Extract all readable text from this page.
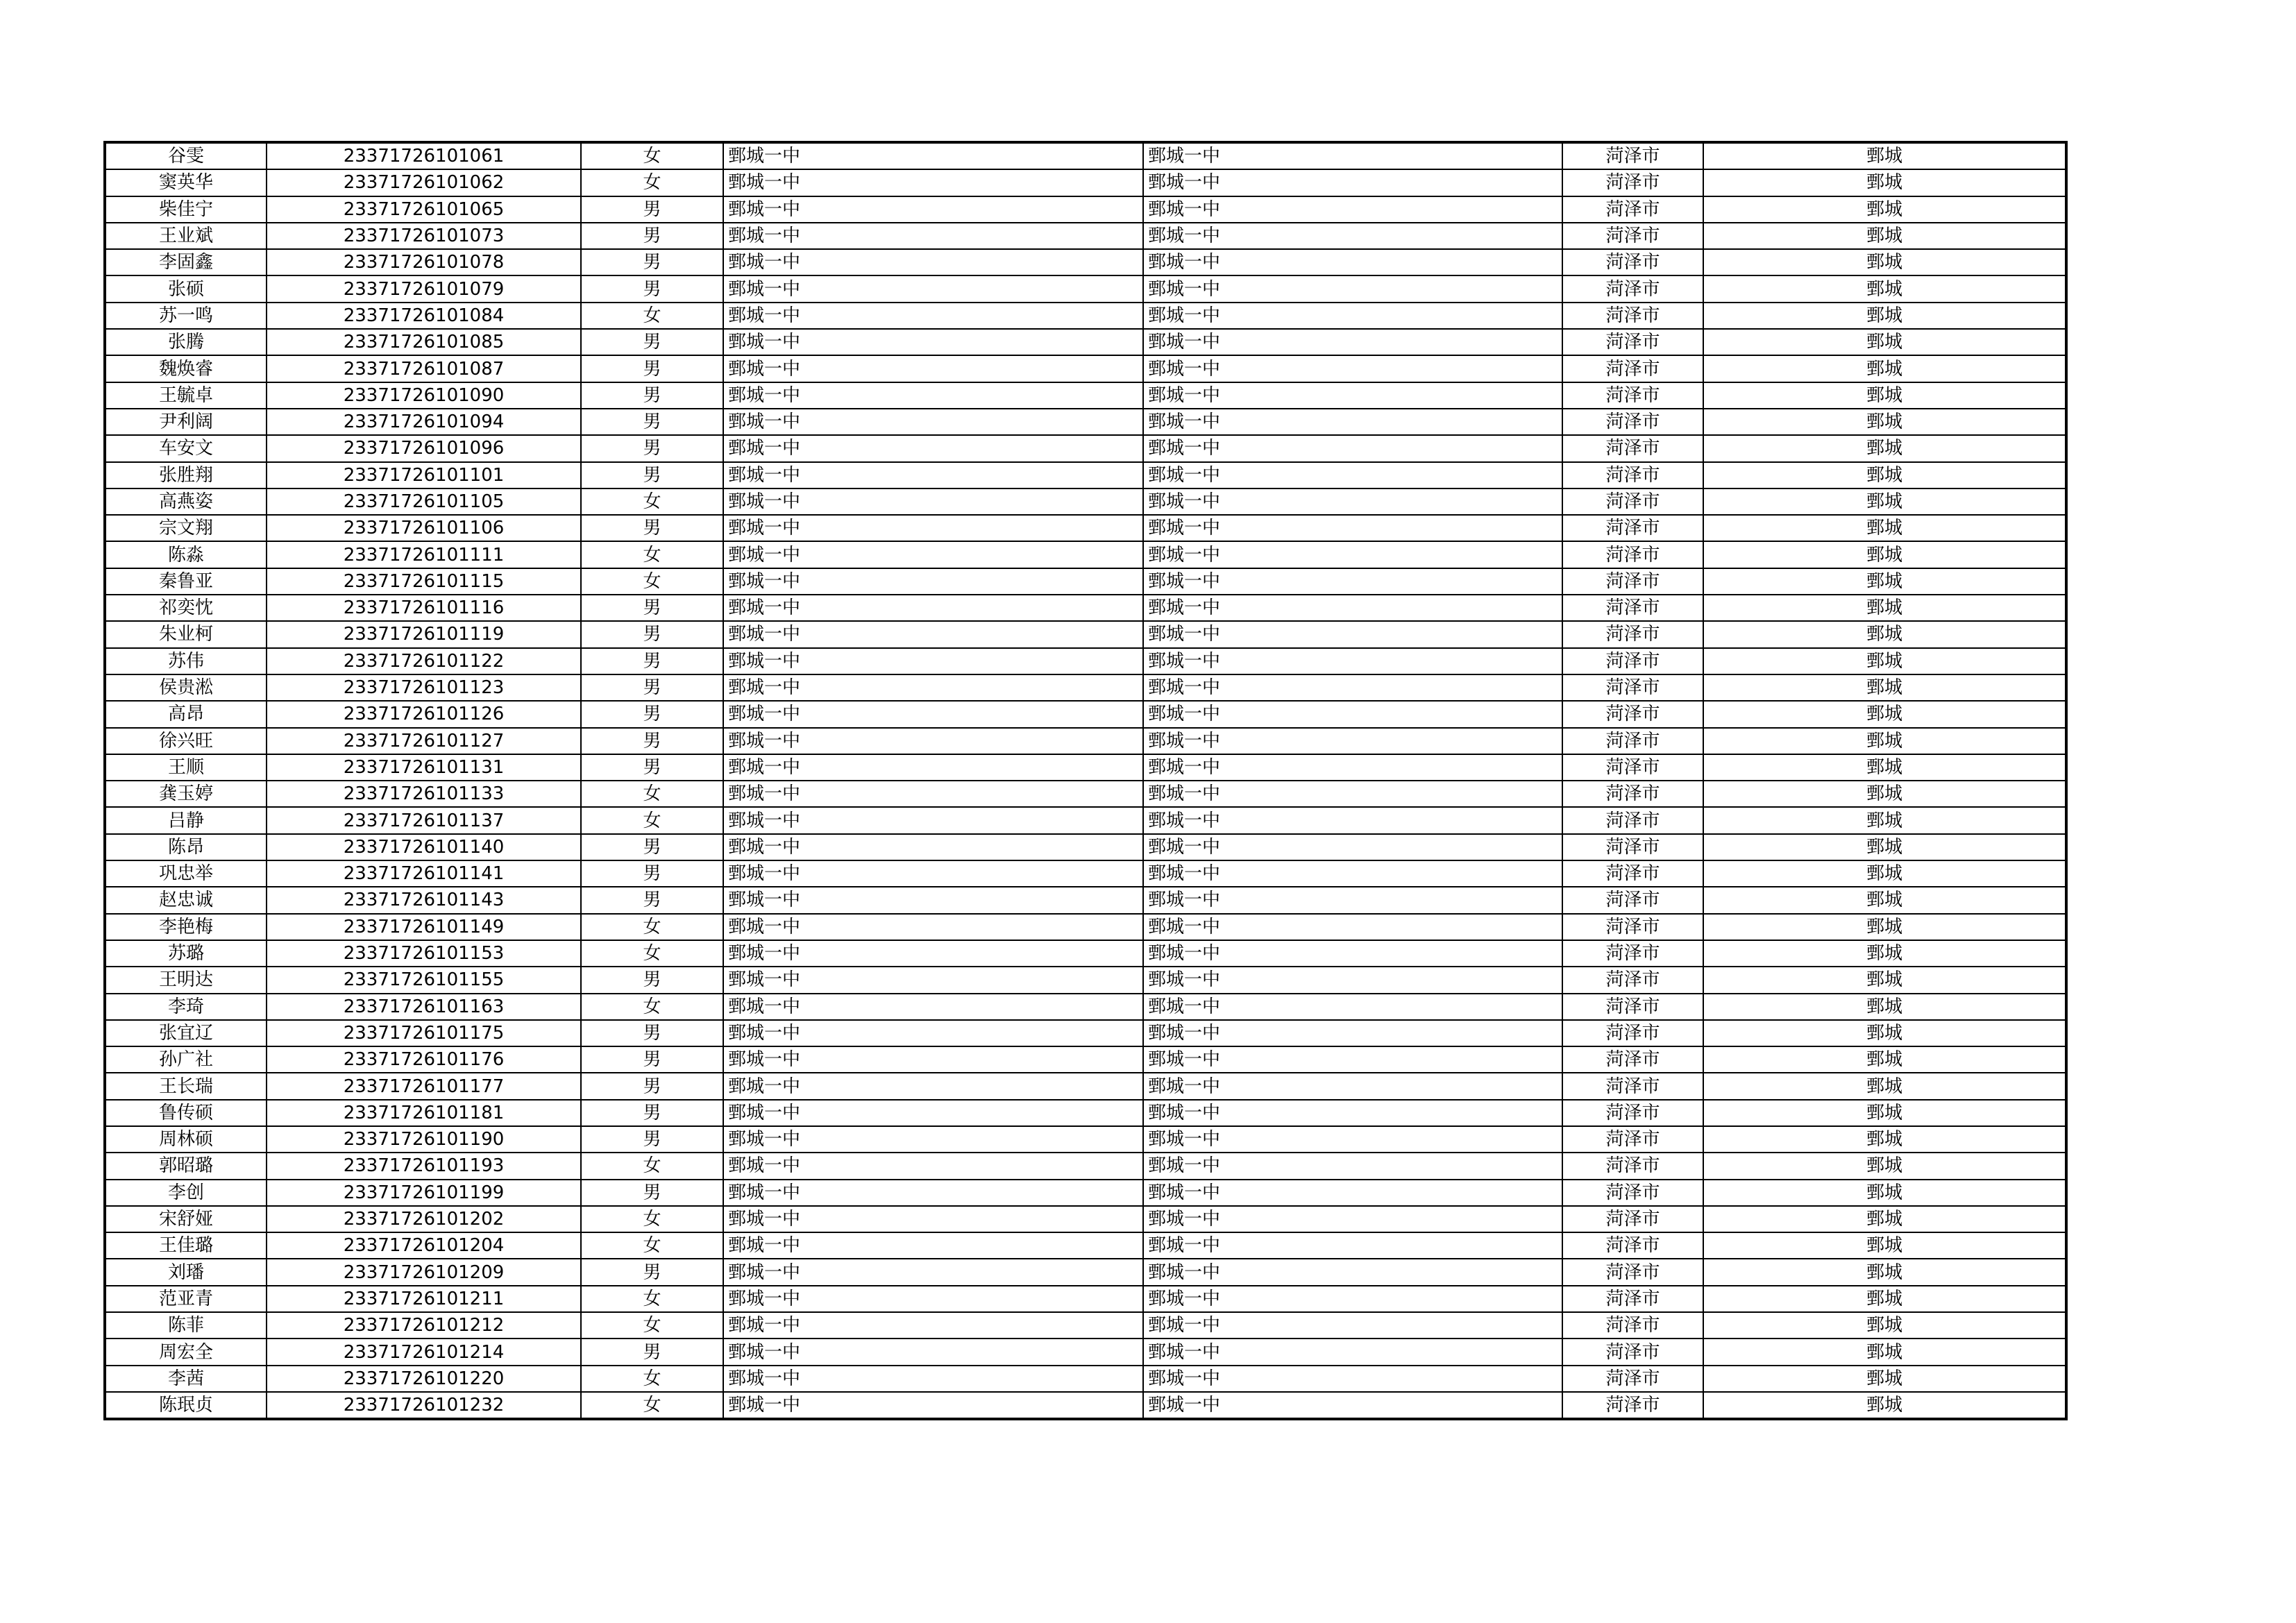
谷雯	23371726101061	女	鄄城一中	鄄城一中	菏泽市	鄄城
窦英华	23371726101062	女	鄄城一中	鄄城一中	菏泽市	鄄城
柴佳宁	23371726101065	男	鄄城一中	鄄城一中	菏泽市	鄄城
王业斌	23371726101073	男	鄄城一中	鄄城一中	菏泽市	鄄城
李固鑫	23371726101078	男	鄄城一中	鄄城一中	菏泽市	鄄城
张硕	23371726101079	男	鄄城一中	鄄城一中	菏泽市	鄄城
苏一鸣	23371726101084	女	鄄城一中	鄄城一中	菏泽市	鄄城
张腾	23371726101085	男	鄄城一中	鄄城一中	菏泽市	鄄城
魏焕睿	23371726101087	男	鄄城一中	鄄城一中	菏泽市	鄄城
王毓卓	23371726101090	男	鄄城一中	鄄城一中	菏泽市	鄄城
尹利阔	23371726101094	男	鄄城一中	鄄城一中	菏泽市	鄄城
车安文	23371726101096	男	鄄城一中	鄄城一中	菏泽市	鄄城
张胜翔	23371726101101	男	鄄城一中	鄄城一中	菏泽市	鄄城
高燕姿	23371726101105	女	鄄城一中	鄄城一中	菏泽市	鄄城
宗文翔	23371726101106	男	鄄城一中	鄄城一中	菏泽市	鄄城
陈淼	23371726101111	女	鄄城一中	鄄城一中	菏泽市	鄄城
秦鲁亚	23371726101115	女	鄄城一中	鄄城一中	菏泽市	鄄城
祁奕忱	23371726101116	男	鄄城一中	鄄城一中	菏泽市	鄄城
朱业柯	23371726101119	男	鄄城一中	鄄城一中	菏泽市	鄄城
苏伟	23371726101122	男	鄄城一中	鄄城一中	菏泽市	鄄城
侯贵淞	23371726101123	男	鄄城一中	鄄城一中	菏泽市	鄄城
高昂	23371726101126	男	鄄城一中	鄄城一中	菏泽市	鄄城
徐兴旺	23371726101127	男	鄄城一中	鄄城一中	菏泽市	鄄城
王顺	23371726101131	男	鄄城一中	鄄城一中	菏泽市	鄄城
龚玉婷	23371726101133	女	鄄城一中	鄄城一中	菏泽市	鄄城
吕静	23371726101137	女	鄄城一中	鄄城一中	菏泽市	鄄城
陈昂	23371726101140	男	鄄城一中	鄄城一中	菏泽市	鄄城
巩忠举	23371726101141	男	鄄城一中	鄄城一中	菏泽市	鄄城
赵忠诚	23371726101143	男	鄄城一中	鄄城一中	菏泽市	鄄城
李艳梅	23371726101149	女	鄄城一中	鄄城一中	菏泽市	鄄城
苏璐	23371726101153	女	鄄城一中	鄄城一中	菏泽市	鄄城
王明达	23371726101155	男	鄄城一中	鄄城一中	菏泽市	鄄城
李琦	23371726101163	女	鄄城一中	鄄城一中	菏泽市	鄄城
张宜辽	23371726101175	男	鄄城一中	鄄城一中	菏泽市	鄄城
孙广社	23371726101176	男	鄄城一中	鄄城一中	菏泽市	鄄城
王长瑞	23371726101177	男	鄄城一中	鄄城一中	菏泽市	鄄城
鲁传硕	23371726101181	男	鄄城一中	鄄城一中	菏泽市	鄄城
周林硕	23371726101190	男	鄄城一中	鄄城一中	菏泽市	鄄城
郭昭璐	23371726101193	女	鄄城一中	鄄城一中	菏泽市	鄄城
李创	23371726101199	男	鄄城一中	鄄城一中	菏泽市	鄄城
宋舒娅	23371726101202	女	鄄城一中	鄄城一中	菏泽市	鄄城
王佳璐	23371726101204	女	鄄城一中	鄄城一中	菏泽市	鄄城
刘璠	23371726101209	男	鄄城一中	鄄城一中	菏泽市	鄄城
范亚青	23371726101211	女	鄄城一中	鄄城一中	菏泽市	鄄城
陈菲	23371726101212	女	鄄城一中	鄄城一中	菏泽市	鄄城
周宏全	23371726101214	男	鄄城一中	鄄城一中	菏泽市	鄄城
李茜	23371726101220	女	鄄城一中	鄄城一中	菏泽市	鄄城
陈珉贞	23371726101232	女	鄄城一中	鄄城一中	菏泽市	鄄城
